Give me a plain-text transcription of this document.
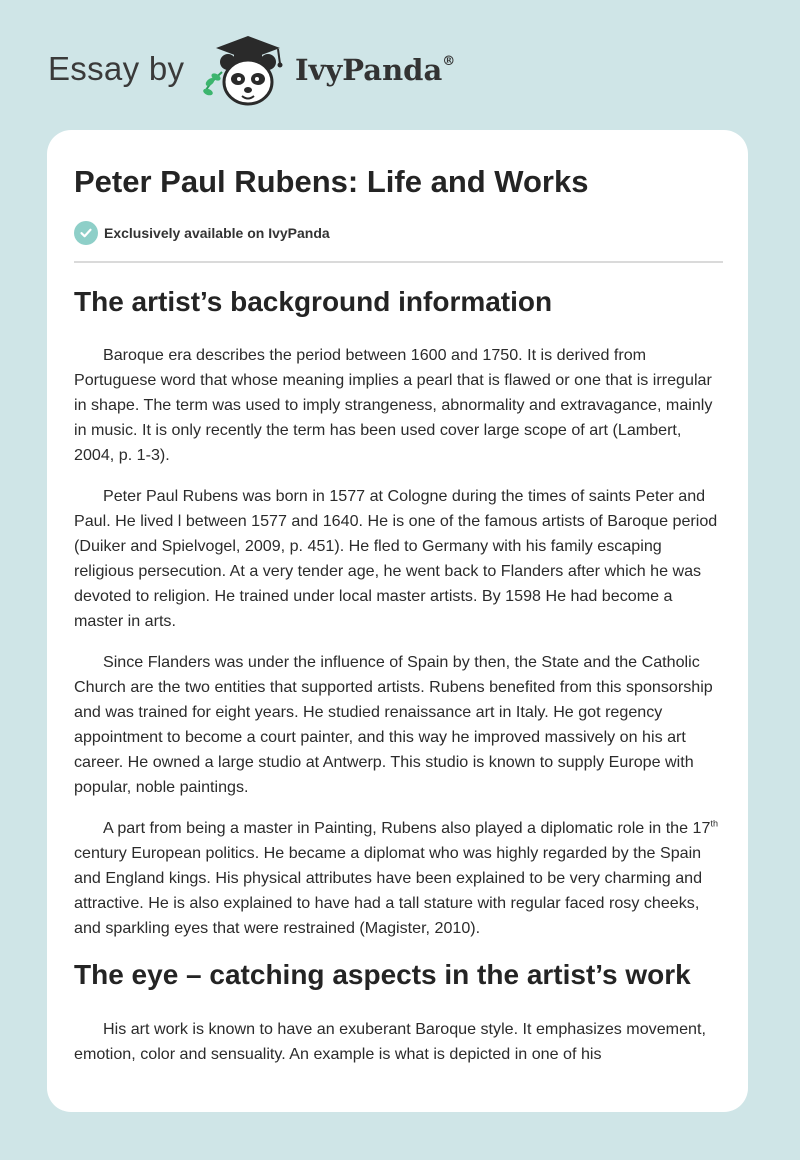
Essay by	IvyPanda®
Peter Paul Rubens: Life and Works
Exclusively available on IvyPanda
The artist’s background information

Baroque era describes the period between 1600 and 1750. It is derived from Portuguese word that whose meaning implies a pearl that is flawed or one that is irregular in shape. The term was used to imply strangeness, abnormality and extravagance, mainly in music. It is only recently the term has been used cover large scope of art (Lambert, 2004, p. 1-3).

Peter Paul Rubens was born in 1577 at Cologne during the times of saints Peter and Paul. He lived l between 1577 and 1640. He is one of the famous artists of Baroque period (Duiker and Spielvogel, 2009, p. 451). He fled to Germany with his family escaping religious persecution. At a very tender age, he went back to Flanders after which he was devoted to religion. He trained under local master artists. By 1598 He had become a master in arts.

Since Flanders was under the influence of Spain by then, the State and the Catholic Church are the two entities that supported artists. Rubens benefited from this sponsorship and was trained for eight years. He studied renaissance art in Italy. He got regency appointment to become a court painter, and this way he improved massively on his art career. He owned a large studio at Antwerp. This studio is known to supply Europe with popular, noble paintings.

A part from being a master in Painting, Rubens also played a diplomatic role in the 17th century European politics. He became a diplomat who was highly regarded by the Spain and England kings. His physical attributes have been explained to be very charming and attractive. He is also explained to have had a tall stature with regular faced rosy cheeks, and sparkling eyes that were restrained (Magister, 2010).

The eye – catching aspects in the artist’s work

His art work is known to have an exuberant Baroque style. It emphasizes movement, emotion, color and sensuality. An example is what is depicted in one of his
